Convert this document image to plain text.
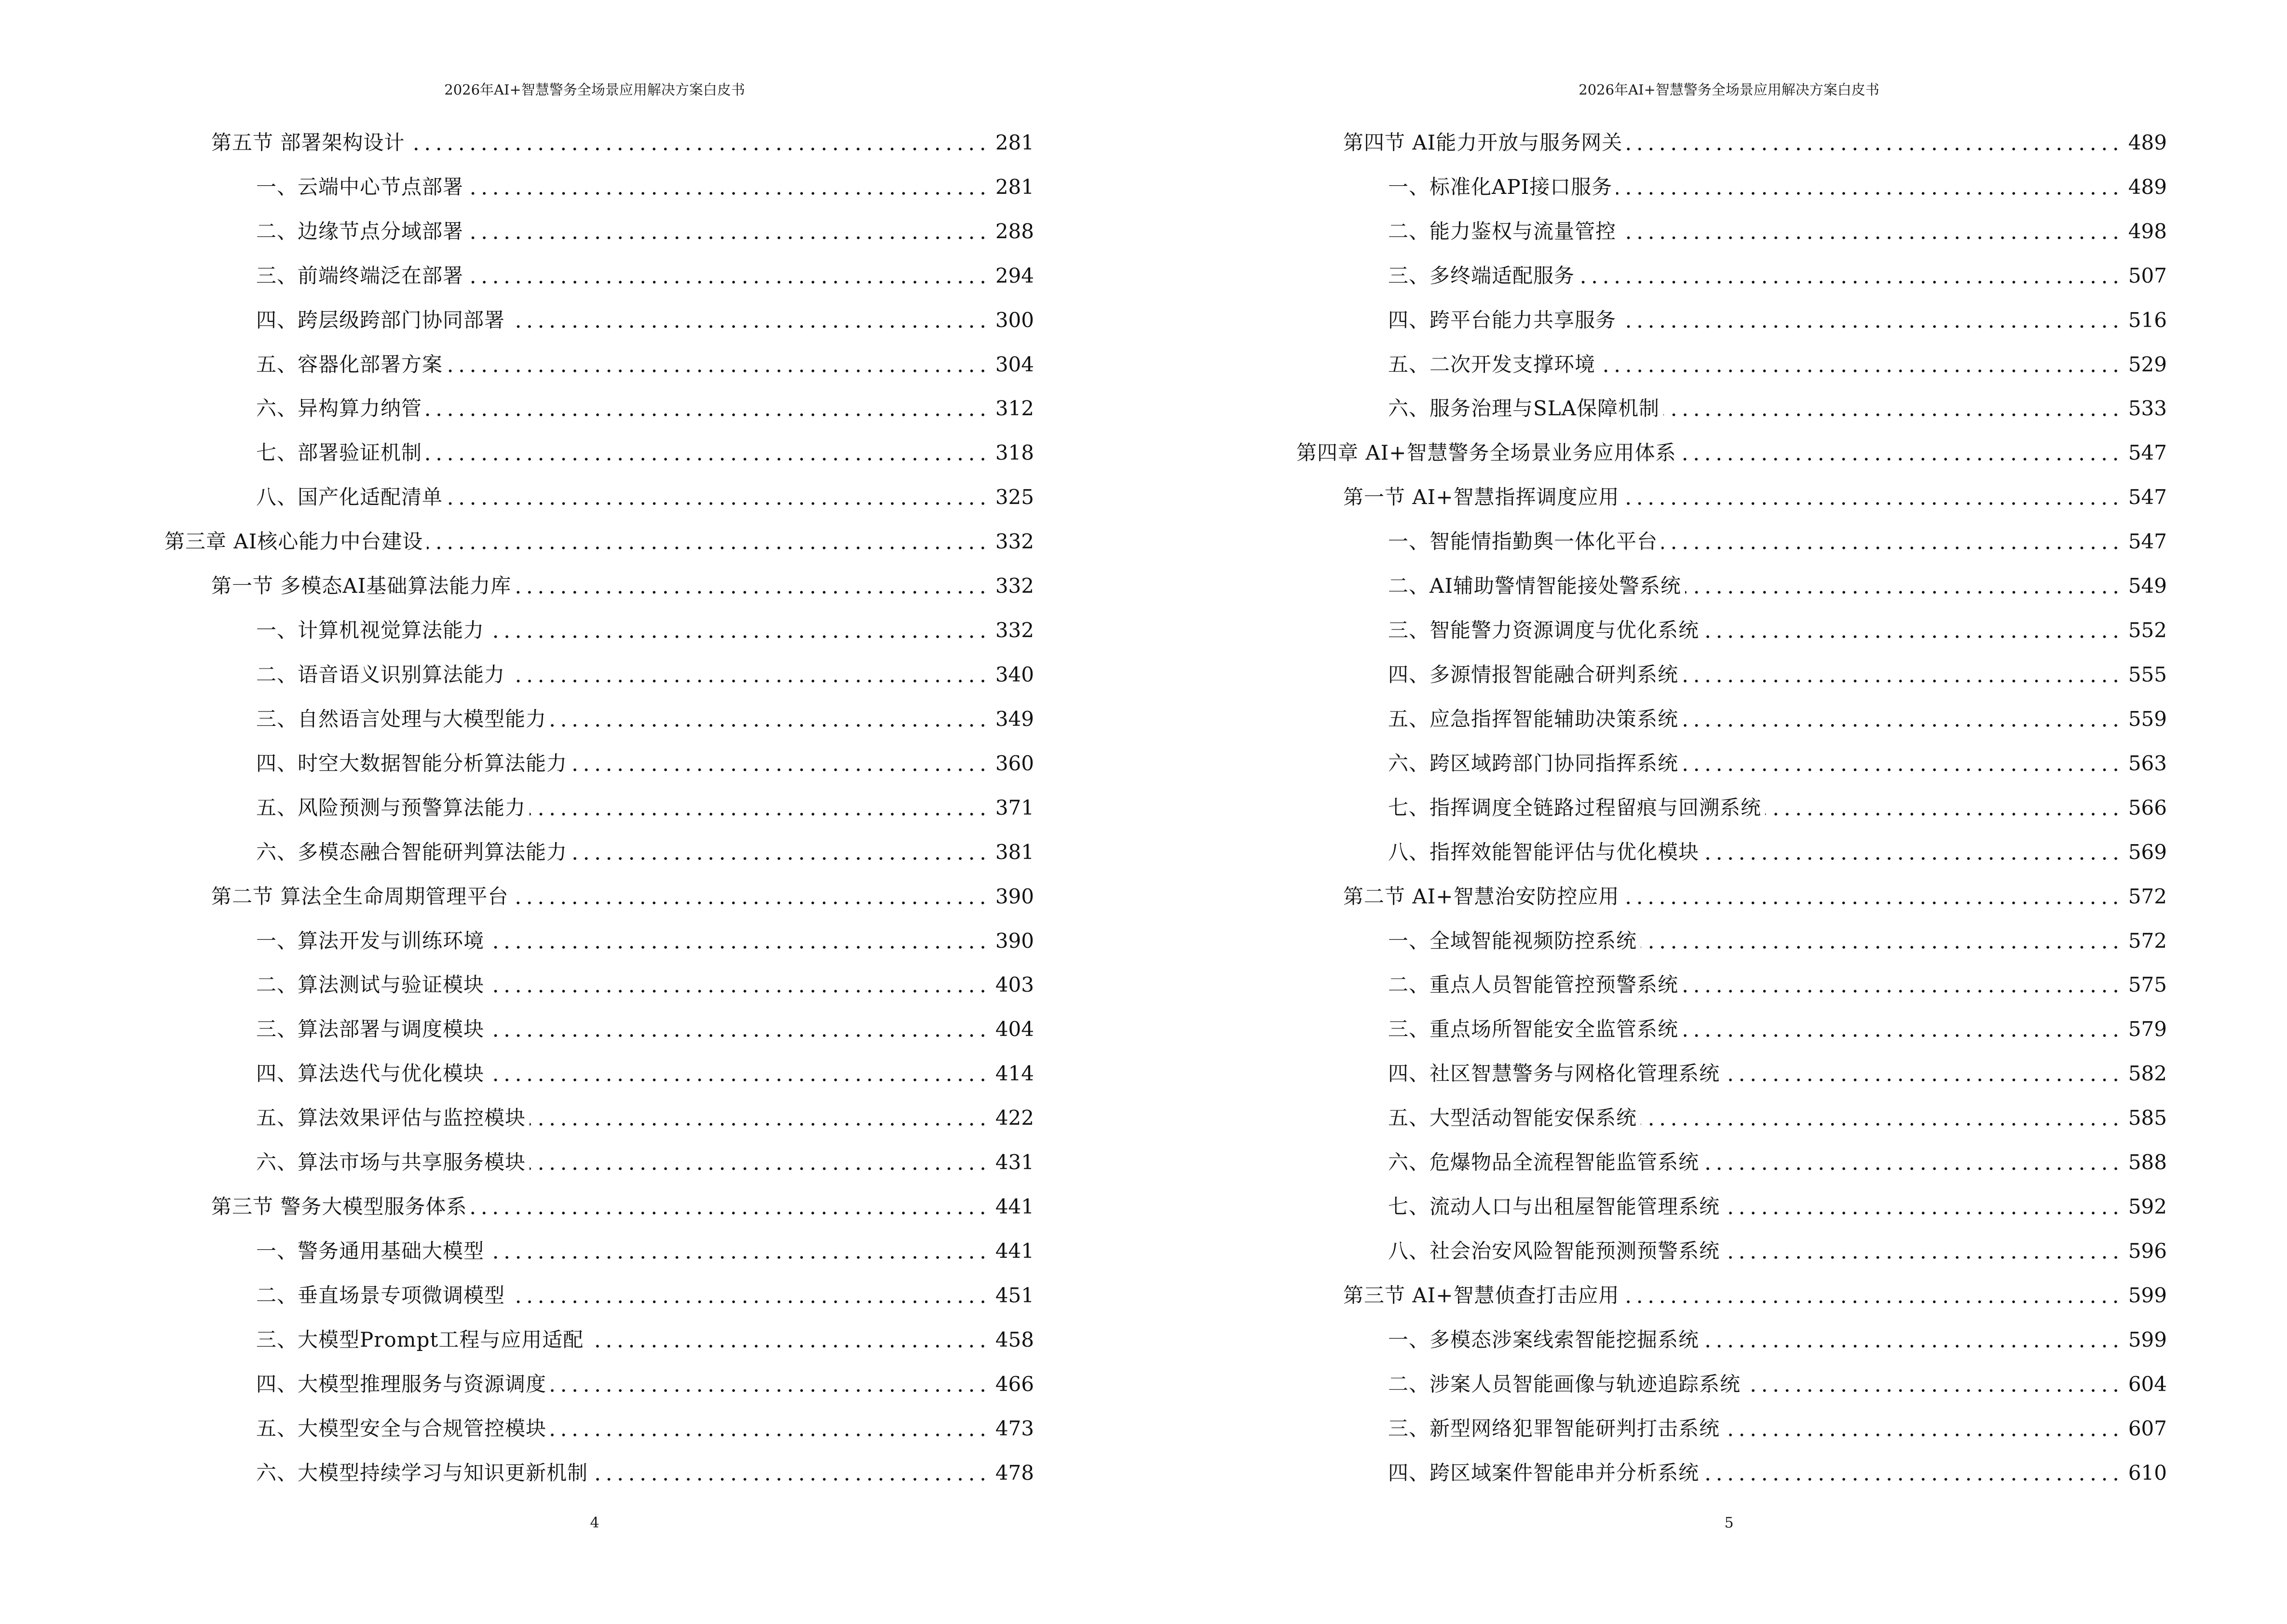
2026年AI+智慧警务全场景应用解决方案白皮书
第五节 部署架构设计	281
一、云端中心节点部署	281
二、边缘节点分域部署	288
三、前端终端泛在部署	294
四、跨层级跨部门协同部署	300
五、容器化部署方案	304
六、异构算力纳管	312
七、部署验证机制	318
八、国产化适配清单	325
第三章 AI核心能力中台建设	332
第一节 多模态AI基础算法能力库	332
一、计算机视觉算法能力	332
二、语音语义识别算法能力	340
三、自然语言处理与大模型能力	349
四、时空大数据智能分析算法能力	360
五、风险预测与预警算法能力	371
六、多模态融合智能研判算法能力	381
第二节 算法全生命周期管理平台	390
一、算法开发与训练环境	390
二、算法测试与验证模块	403
三、算法部署与调度模块	404
四、算法迭代与优化模块	414
五、算法效果评估与监控模块	422
六、算法市场与共享服务模块	431
第三节 警务大模型服务体系	441
一、警务通用基础大模型	441
二、垂直场景专项微调模型	451
三、大模型Prompt工程与应用适配	458
四、大模型推理服务与资源调度	466
五、大模型安全与合规管控模块	473
六、大模型持续学习与知识更新机制	478
4
2026年AI+智慧警务全场景应用解决方案白皮书
第四节 AI能力开放与服务网关	489
一、标准化API接口服务	489
二、能力鉴权与流量管控	498
三、多终端适配服务	507
四、跨平台能力共享服务	516
五、二次开发支撑环境	529
六、服务治理与SLA保障机制	533
第四章 AI+智慧警务全场景业务应用体系	547
第一节 AI+智慧指挥调度应用	547
一、智能情指勤舆一体化平台	547
二、AI辅助警情智能接处警系统	549
三、智能警力资源调度与优化系统	552
四、多源情报智能融合研判系统	555
五、应急指挥智能辅助决策系统	559
六、跨区域跨部门协同指挥系统	563
七、指挥调度全链路过程留痕与回溯系统	566
八、指挥效能智能评估与优化模块	569
第二节 AI+智慧治安防控应用	572
一、全域智能视频防控系统	572
二、重点人员智能管控预警系统	575
三、重点场所智能安全监管系统	579
四、社区智慧警务与网格化管理系统	582
五、大型活动智能安保系统	585
六、危爆物品全流程智能监管系统	588
七、流动人口与出租屋智能管理系统	592
八、社会治安风险智能预测预警系统	596
第三节 AI+智慧侦查打击应用	599
一、多模态涉案线索智能挖掘系统	599
二、涉案人员智能画像与轨迹追踪系统	604
三、新型网络犯罪智能研判打击系统	607
四、跨区域案件智能串并分析系统	610
5
